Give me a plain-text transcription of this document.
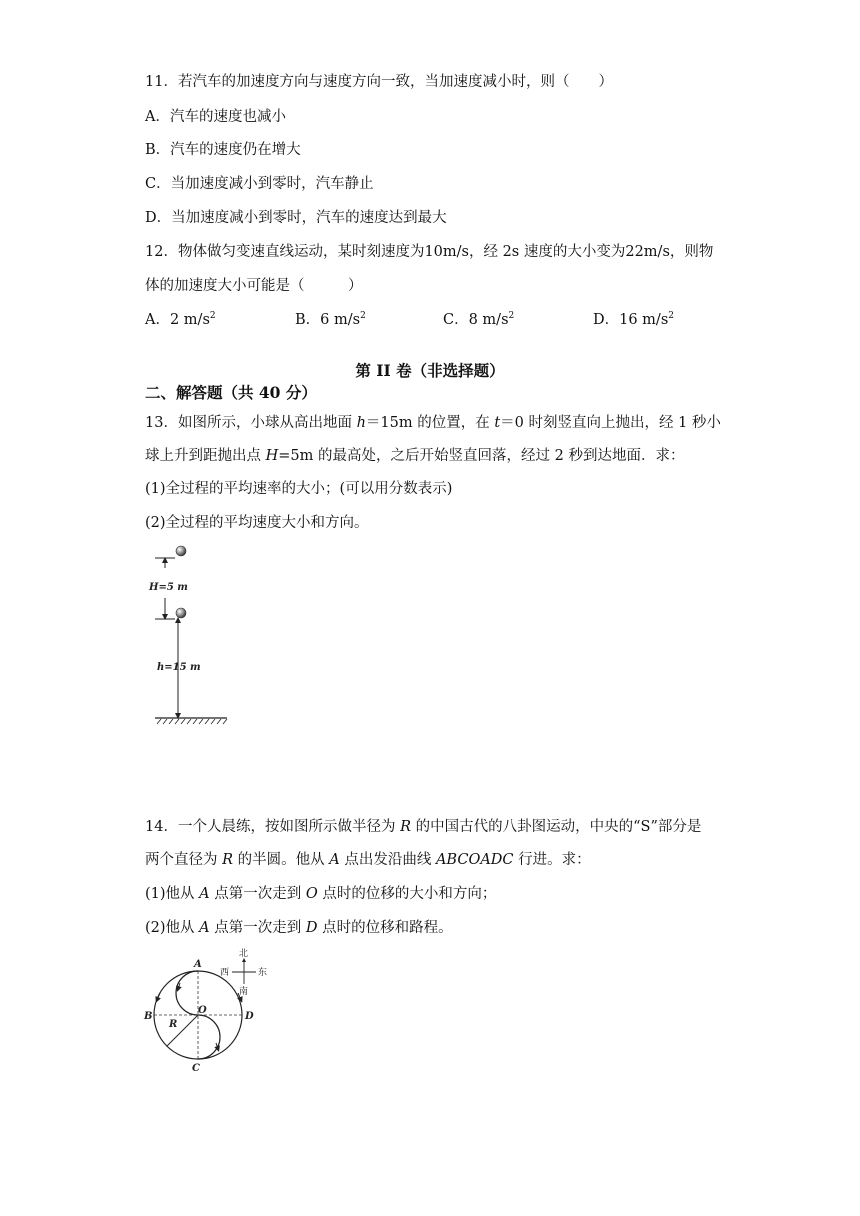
11．若汽车的加速度方向与速度方向一致，当加速度减小时，则（　　）
A．汽车的速度也减小
B．汽车的速度仍在增大
C．当加速度减小到零时，汽车静止
D．当加速度减小到零时，汽车的速度达到最大
12．物体做匀变速直线运动，某时刻速度为10m/s，经 2s 速度的大小变为22m/s，则物
体的加速度大小可能是（　　　）
A．2 $m/s^2$	B．6 $m/s^2$	C．8 $m/s^2$	D．16 $m/s^2$
第 II 卷（非选择题）
二、解答题（共 40 分）
13．如图所示，小球从高出地面 h＝15m 的位置，在 t＝0 时刻竖直向上抛出，经 1 秒小
球上升到距抛出点 H=5m 的最高处，之后开始竖直回落，经过 2 秒到达地面．求：
(1)全过程的平均速率的大小；(可以用分数表示)
(2)全过程的平均速度大小和方向。
H=5 m
h=15 m
14．一个人晨练，按如图所示做半径为 R 的中国古代的八卦图运动，中央的“S”部分是
两个直径为 R 的半圆。他从 A 点出发沿曲线 ABCOADC 行进。求：
(1)他从 A 点第一次走到 O 点时的位移的大小和方向；
(2)他从 A 点第一次走到 D 点时的位移和路程。
A
B
C
D
O
R
北
南
西	东
